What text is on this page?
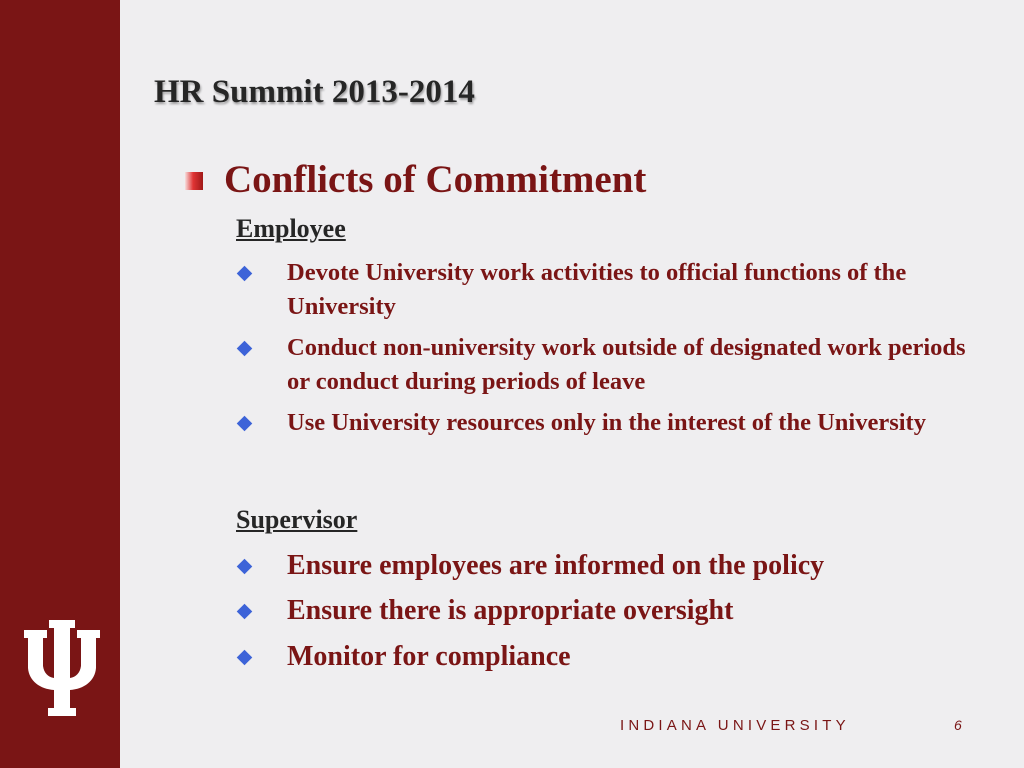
HR Summit 2013-2014
Conflicts of Commitment
Employee
Devote University work activities to official functions of the University
Conduct non-university work outside of designated work periods or conduct during periods of leave
Use University resources only in the interest of the University
Supervisor
Ensure employees are informed on the policy
Ensure there is appropriate oversight
Monitor for compliance
INDIANA UNIVERSITY	6
